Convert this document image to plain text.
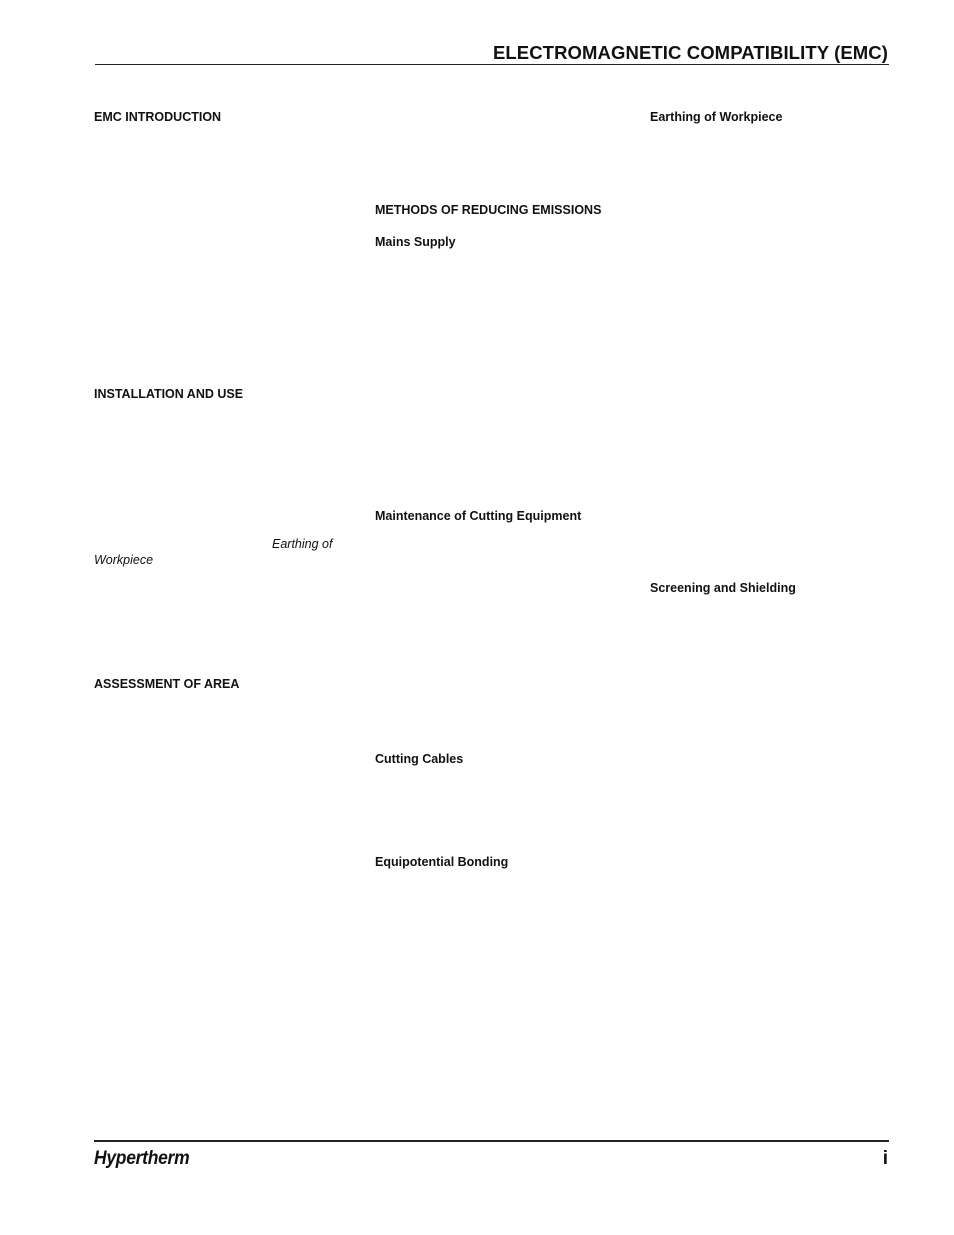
ELECTROMAGNETIC COMPATIBILITY (EMC)
EMC INTRODUCTION
INSTALLATION AND USE
Earthing of
Workpiece
ASSESSMENT OF AREA
METHODS OF REDUCING EMISSIONS
Mains Supply
Maintenance of Cutting Equipment
Cutting Cables
Equipotential Bonding
Earthing of Workpiece
Screening and Shielding
Hypertherm	i
